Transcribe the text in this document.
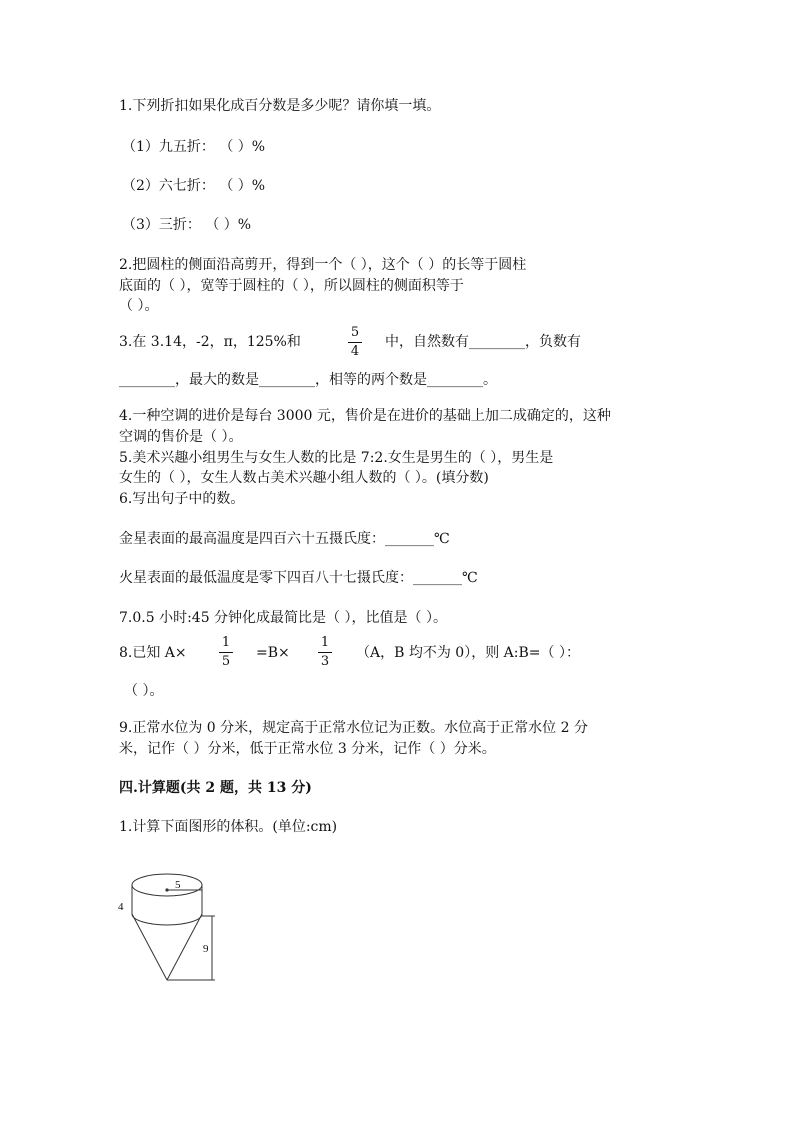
1.下列折扣如果化成百分数是多少呢？请你填一填。
（1）九五折： （ ）%
（2）六七折： （ ）%
（3）三折： （ ）%
2.把圆柱的侧面沿高剪开，得到一个（ ），这个（ ）的长等于圆柱
底面的（ ），宽等于圆柱的（ ），所以圆柱的侧面积等于
（ ）。
3.在 3.14，-2，π，125%和
5
4
中，自然数有________，负数有
________，最大的数是________，相等的两个数是________。
4.一种空调的进价是每台 3000 元，售价是在进价的基础上加二成确定的，这种
空调的售价是（ ）。
5.美术兴趣小组男生与女生人数的比是 7:2.女生是男生的（ ），男生是
女生的（ ），女生人数占美术兴趣小组人数的（ ）。(填分数)
6.写出句子中的数。
金星表面的最高温度是四百六十五摄氏度：_______℃
火星表面的最低温度是零下四百八十七摄氏度：_______℃
7.0.5 小时:45 分钟化成最简比是（ ），比值是（ ）。
8.已知 A×
1
5
=B×
1
3
（A，B 均不为 0），则 A:B=（ ）：
（ ）。
9.正常水位为 0 分米，规定高于正常水位记为正数。水位高于正常水位 2 分
米，记作（ ）分米，低于正常水位 3 分米，记作（ ）分米。
四.计算题(共 2 题，共 13 分)
1.计算下面图形的体积。(单位:cm)
5
4
9
